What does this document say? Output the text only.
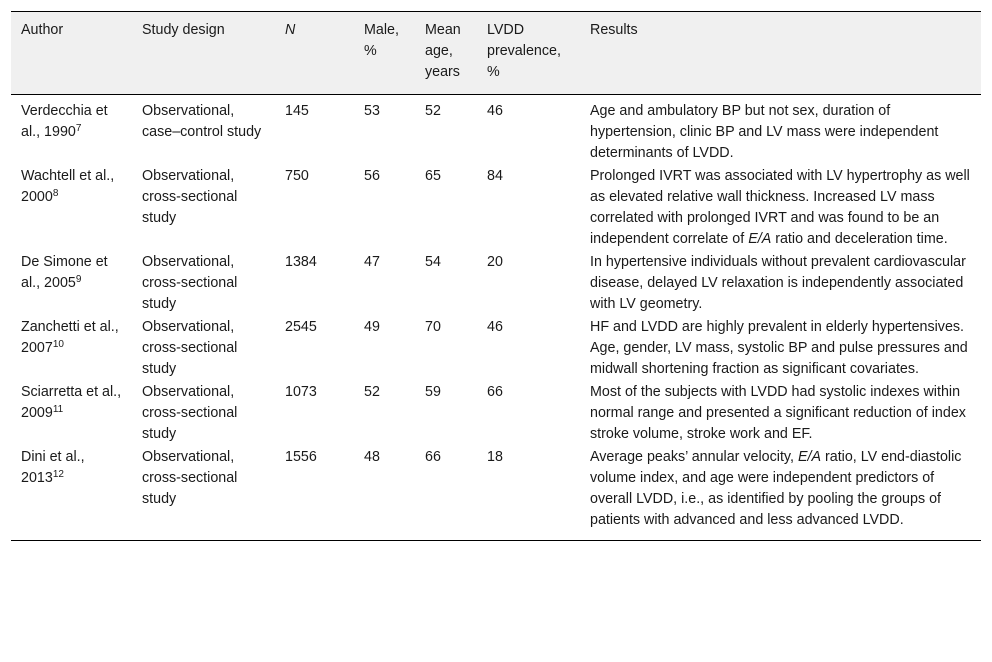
Author	Study design	N	Male, %	Mean age, years	LVDD prevalence, %	Results
Verdecchia et al., 1990$^7$	Observational, case–control study	145	53	52	46	Age and ambulatory BP but not sex, duration of hypertension, clinic BP and LV mass were independent determinants of LVDD.
Wachtell et al., 2000$^8$	Observational, cross-sectional study	750	56	65	84	Prolonged IVRT was associated with LV hypertrophy as well as elevated relative wall thickness. Increased LV mass correlated with prolonged IVRT and was found to be an independent correlate of E/A ratio and deceleration time.
De Simone et al., 2005$^9$	Observational, cross-sectional study	1384	47	54	20	In hypertensive individuals without prevalent cardiovascular disease, delayed LV relaxation is independently associated with LV geometry.
Zanchetti et al., 2007$^{10}$	Observational, cross-sectional study	2545	49	70	46	HF and LVDD are highly prevalent in elderly hypertensives. Age, gender, LV mass, systolic BP and pulse pressures and midwall shortening fraction as significant covariates.
Sciarretta et al., 2009$^{11}$	Observational, cross-sectional study	1073	52	59	66	Most of the subjects with LVDD had systolic indexes within normal range and presented a significant reduction of index stroke volume, stroke work and EF.
Dini et al., 2013$^{12}$	Observational, cross-sectional study	1556	48	66	18	Average peaks’ annular velocity, E/A ratio, LV end-diastolic volume index, and age were independent predictors of overall LVDD, i.e., as identified by pooling the groups of patients with advanced and less advanced LVDD.
